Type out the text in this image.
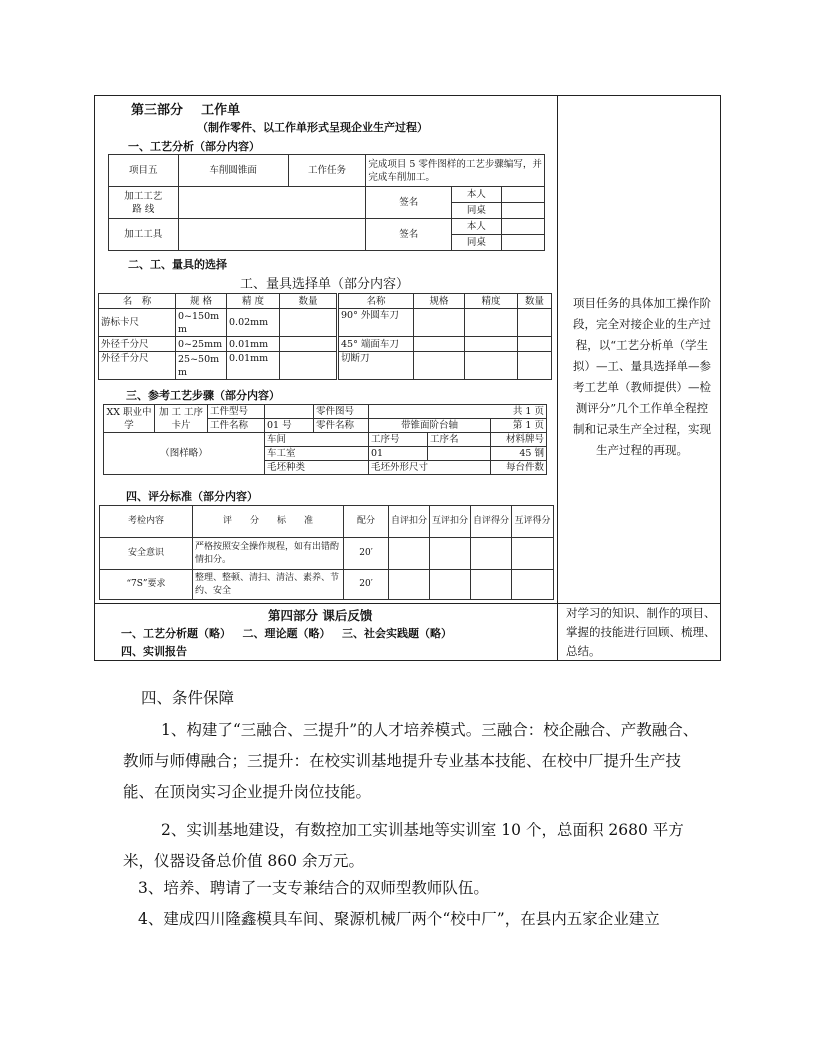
第三部分    工作单
（制作零件、以工作单形式呈现企业生产过程）
一、工艺分析（部分内容）
项目五	车削圆锥面	工作任务	完成项目 5 零件图样的工艺步骤编写，并完成车削加工。		
加工工艺
路 线			签名	本人	
				同桌	
加工工具			签名	本人	
				同桌	
二、工、量具的选择
工、量具选择单（部分内容）
名　称	规 格	精 度	数量	名称	规格	精度	数量
游标卡尺	0~150mm	0.02mm		90° 外圆车刀			
外径千分尺	0~25mm	0.01mm		45° 端面车刀			
外径千分尺	25~50mm	0.01mm		切断刀			
三、参考工艺步骤（部分内容）
XX 职业中学	加 工 工序卡片	工件型号		零件图号	共 1 页		
		工件名称	01 号	零件名称	带锥面阶台轴		第 1 页
（图样略）			车间		工序号	工序名	材料牌号
			车工室		01		45 钢
			毛坯种类		毛坯外形尺寸		每台件数
四、评分标准（部分内容）
考检内容	评　　分　　标　　准	配分	自评扣分	互评扣分	自评得分	互评得分
安全意识	严格按照安全操作规程，如有出错酌情扣分。	20′				
“7S”要求	整理、整顿、清扫、清洁、素养、节约、安全	20′				
项目任务的具体加工操作阶段，完全对接企业的生产过程，以“工艺分析单（学生拟）—工、量具选择单—参考工艺单（教师提供）—检测评分”几个工作单全程控制和记录生产全过程，实现生产过程的再现。
第四部分 课后反馈
一、工艺分析题（略）   二、理论题（略）   三、社会实践题（略）
四、实训报告
对学习的知识、制作的项目、掌握的技能进行回顾、梳理、总结。
四、条件保障
1、构建了“三融合、三提升”的人才培养模式。三融合：校企融合、产教融合、教师与师傅融合；三提升：在校实训基地提升专业基本技能、在校中厂提升生产技能、在顶岗实习企业提升岗位技能。
2、实训基地建设，有数控加工实训基地等实训室 10 个，总面积 2680 平方米，仪器设备总价值 860 余万元。
3、培养、聘请了一支专兼结合的双师型教师队伍。
4、建成四川隆鑫模具车间、聚源机械厂两个“校中厂”，在县内五家企业建立
